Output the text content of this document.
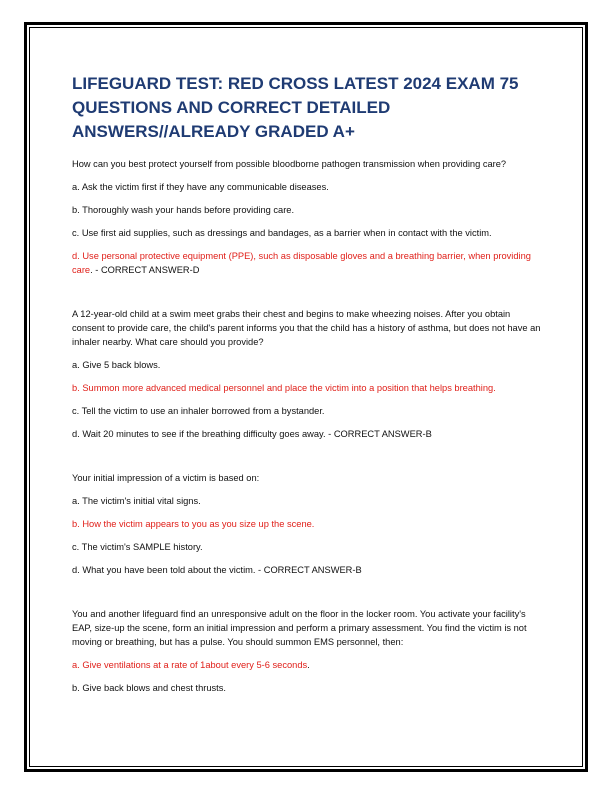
LIFEGUARD TEST: RED CROSS LATEST 2024 EXAM 75 QUESTIONS AND CORRECT DETAILED ANSWERS//ALREADY GRADED A+

How can you best protect yourself from possible bloodborne pathogen transmission when providing care?

a. Ask the victim first if they have any communicable diseases.

b. Thoroughly wash your hands before providing care.

c. Use first aid supplies, such as dressings and bandages, as a barrier when in contact with the victim.

d. Use personal protective equipment (PPE), such as disposable gloves and a breathing barrier, when providing care. - CORRECT ANSWER-D

A 12-year-old child at a swim meet grabs their chest and begins to make wheezing noises. After you obtain consent to provide care, the child's parent informs you that the child has a history of asthma, but does not have an inhaler nearby. What care should you provide?

a. Give 5 back blows.

b. Summon more advanced medical personnel and place the victim into a position that helps breathing.

c. Tell the victim to use an inhaler borrowed from a bystander.

d. Wait 20 minutes to see if the breathing difficulty goes away. - CORRECT ANSWER-B

Your initial impression of a victim is based on:

a. The victim's initial vital signs.

b. How the victim appears to you as you size up the scene.

c. The victim's SAMPLE history.

d. What you have been told about the victim. - CORRECT ANSWER-B

You and another lifeguard find an unresponsive adult on the floor in the locker room. You activate your facility's EAP, size-up the scene, form an initial impression and perform a primary assessment. You find the victim is not moving or breathing, but has a pulse. You should summon EMS personnel, then:

a. Give ventilations at a rate of 1about every 5-6 seconds.

b. Give back blows and chest thrusts.
